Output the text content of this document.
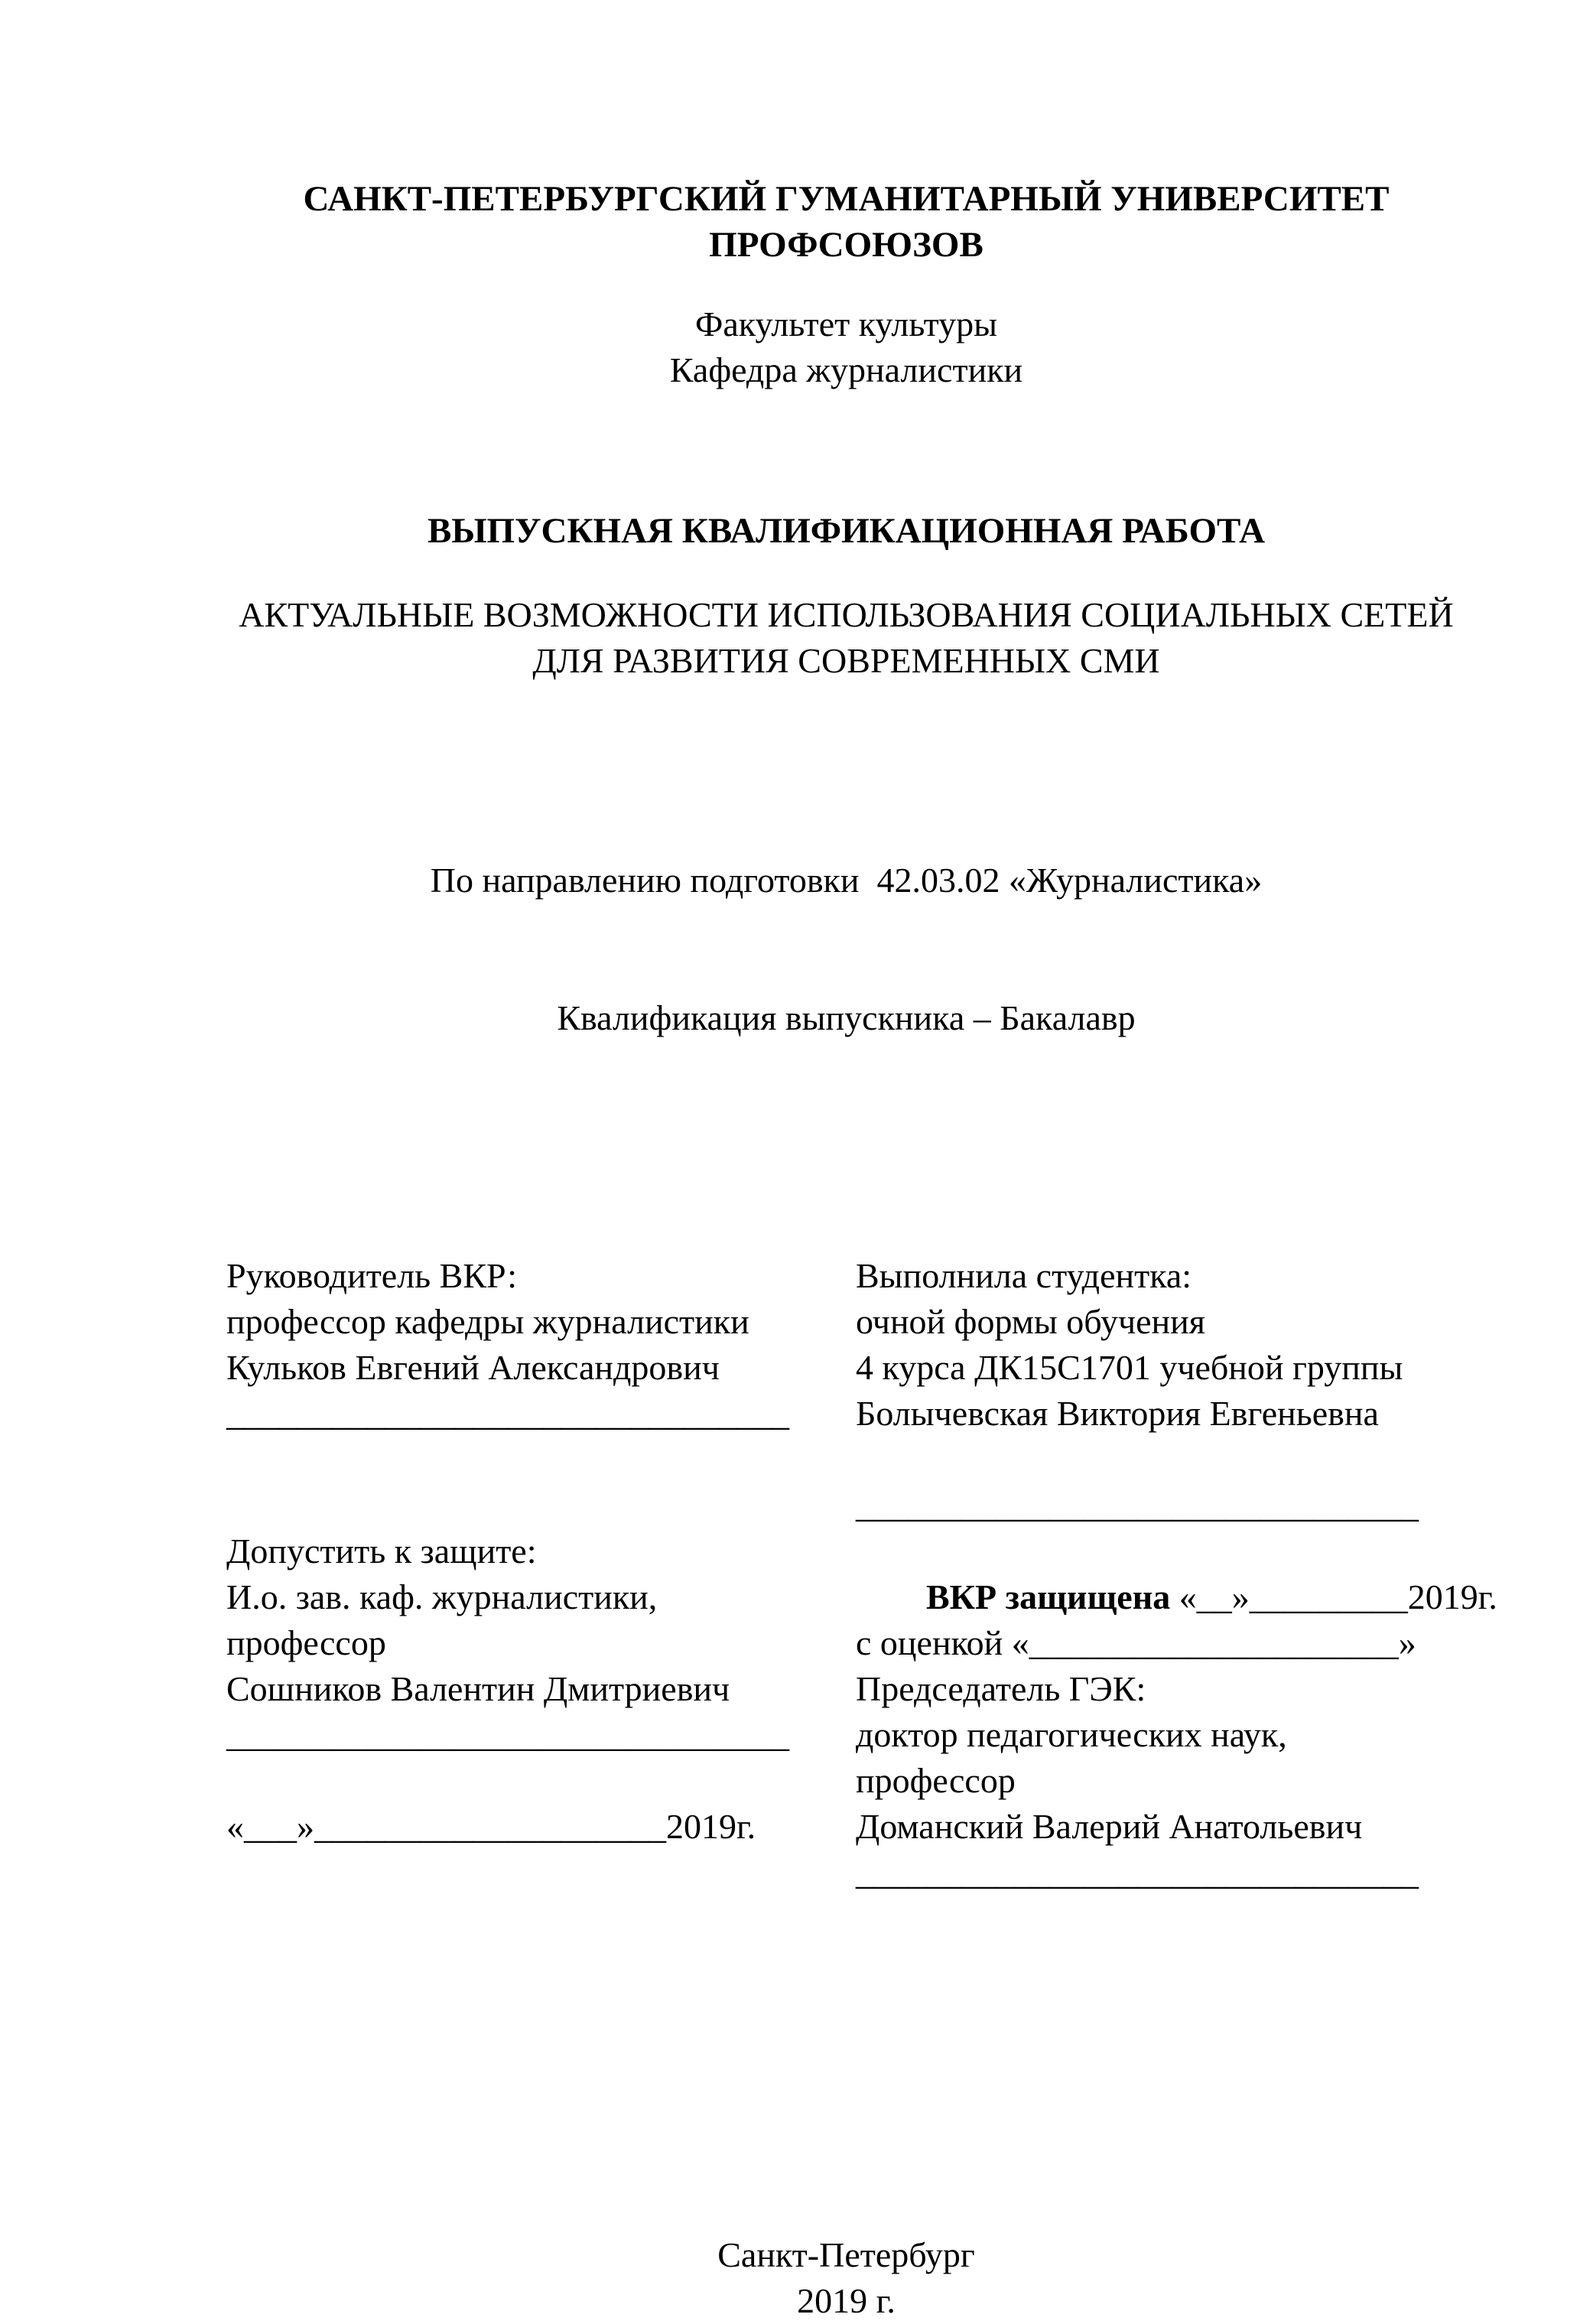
САНКТ-ПЕТЕРБУРГСКИЙ ГУМАНИТАРНЫЙ УНИВЕРСИТЕТ ПРОФСОЮЗОВ
Факультет культуры
Кафедра журналистики
ВЫПУСКНАЯ КВАЛИФИКАЦИОННАЯ РАБОТА
АКТУАЛЬНЫЕ ВОЗМОЖНОСТИ ИСПОЛЬЗОВАНИЯ СОЦИАЛЬНЫХ СЕТЕЙ ДЛЯ РАЗВИТИЯ СОВРЕМЕННЫХ СМИ

По направлению подготовки  42.03.02 «Журналистика»

Квалификация выпускника – Бакалавр

Руководитель ВКР:
профессор кафедры журналистики
Кульков Евгений Александрович
________________________________
Допустить к защите:
И.о. зав. каф. журналистики,
профессор
Сошников Валентин Дмитриевич
________________________________
«___»____________________2019г.
Выполнила студентка:
очной формы обучения
4 курса ДК15С1701 учебной группы
Болычевская Виктория Евгеньевна
________________________________

ВКР защищена «__»_________2019г.

с оценкой «_____________________»
Председатель ГЭК:
доктор педагогических наук,
профессор
Доманский Валерий Анатольевич
________________________________
Санкт-Петербург
2019 г.
